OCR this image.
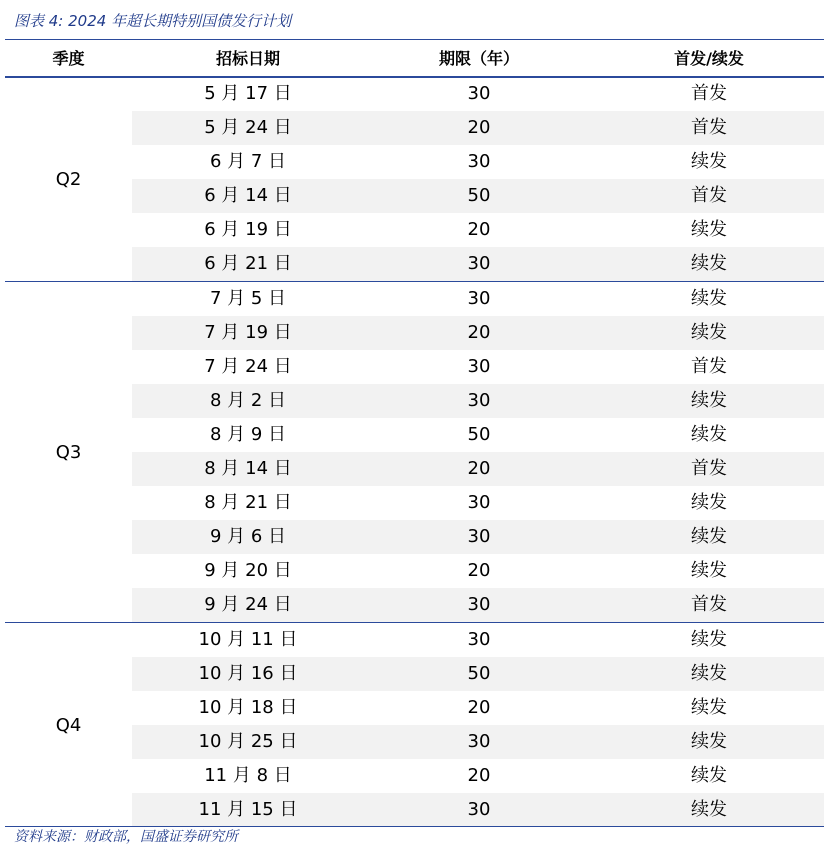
图表 4: 2024 年超长期特别国债发行计划
季度	招标日期	期限（年）	首发/续发
Q2
5 月 17 日	30	首发
5 月 24 日	20	首发
6 月 7 日	30	续发
6 月 14 日	50	首发
6 月 19 日	20	续发
6 月 21 日	30	续发
Q3
7 月 5 日	30	续发
7 月 19 日	20	续发
7 月 24 日	30	首发
8 月 2 日	30	续发
8 月 9 日	50	续发
8 月 14 日	20	首发
8 月 21 日	30	续发
9 月 6 日	30	续发
9 月 20 日	20	续发
9 月 24 日	30	首发
Q4
10 月 11 日	30	续发
10 月 16 日	50	续发
10 月 18 日	20	续发
10 月 25 日	30	续发
11 月 8 日	20	续发
11 月 15 日	30	续发
资料来源：财政部，国盛证券研究所
